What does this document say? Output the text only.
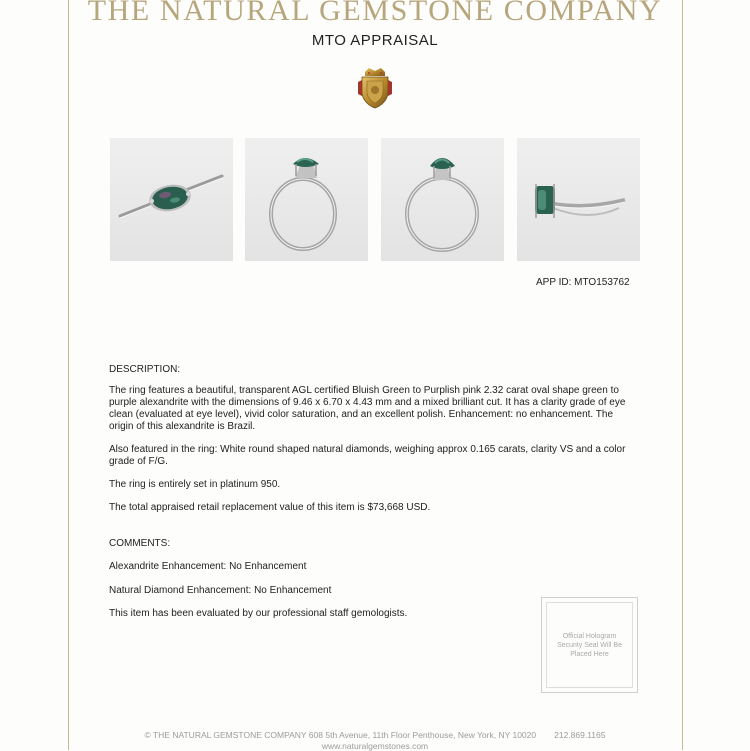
THE NATURAL GEMSTONE COMPANY
MTO APPRAISAL
APP ID: MTO153762
DESCRIPTION:

The ring features a beautiful, transparent AGL certified Bluish Green to Purplish pink 2.32 carat oval shape green to purple alexandrite with the dimensions of 9.46 x 6.70 x 4.43 mm and a mixed brilliant cut. It has a clarity grade of eye clean (evaluated at eye level), vivid color saturation, and an excellent polish. Enhancement: no enhancement. The origin of this alexandrite is Brazil.

Also featured in the ring: White round shaped natural diamonds, weighing approx 0.165 carats, clarity VS and a color grade of F/G.

The ring is entirely set in platinum 950.
The total appraised retail replacement value of this item is $73,668 USD.
COMMENTS:
Alexandrite Enhancement: No Enhancement
Natural Diamond Enhancement: No Enhancement
This item has been evaluated by our professional staff gemologists.
Official Hologram Security Seal Will Be Placed Here
© THE NATURAL GEMSTONE COMPANY 608 5th Avenue, 11th Floor Penthouse, New York, NY 10020 212.869.1165
www.naturalgemstones.com
